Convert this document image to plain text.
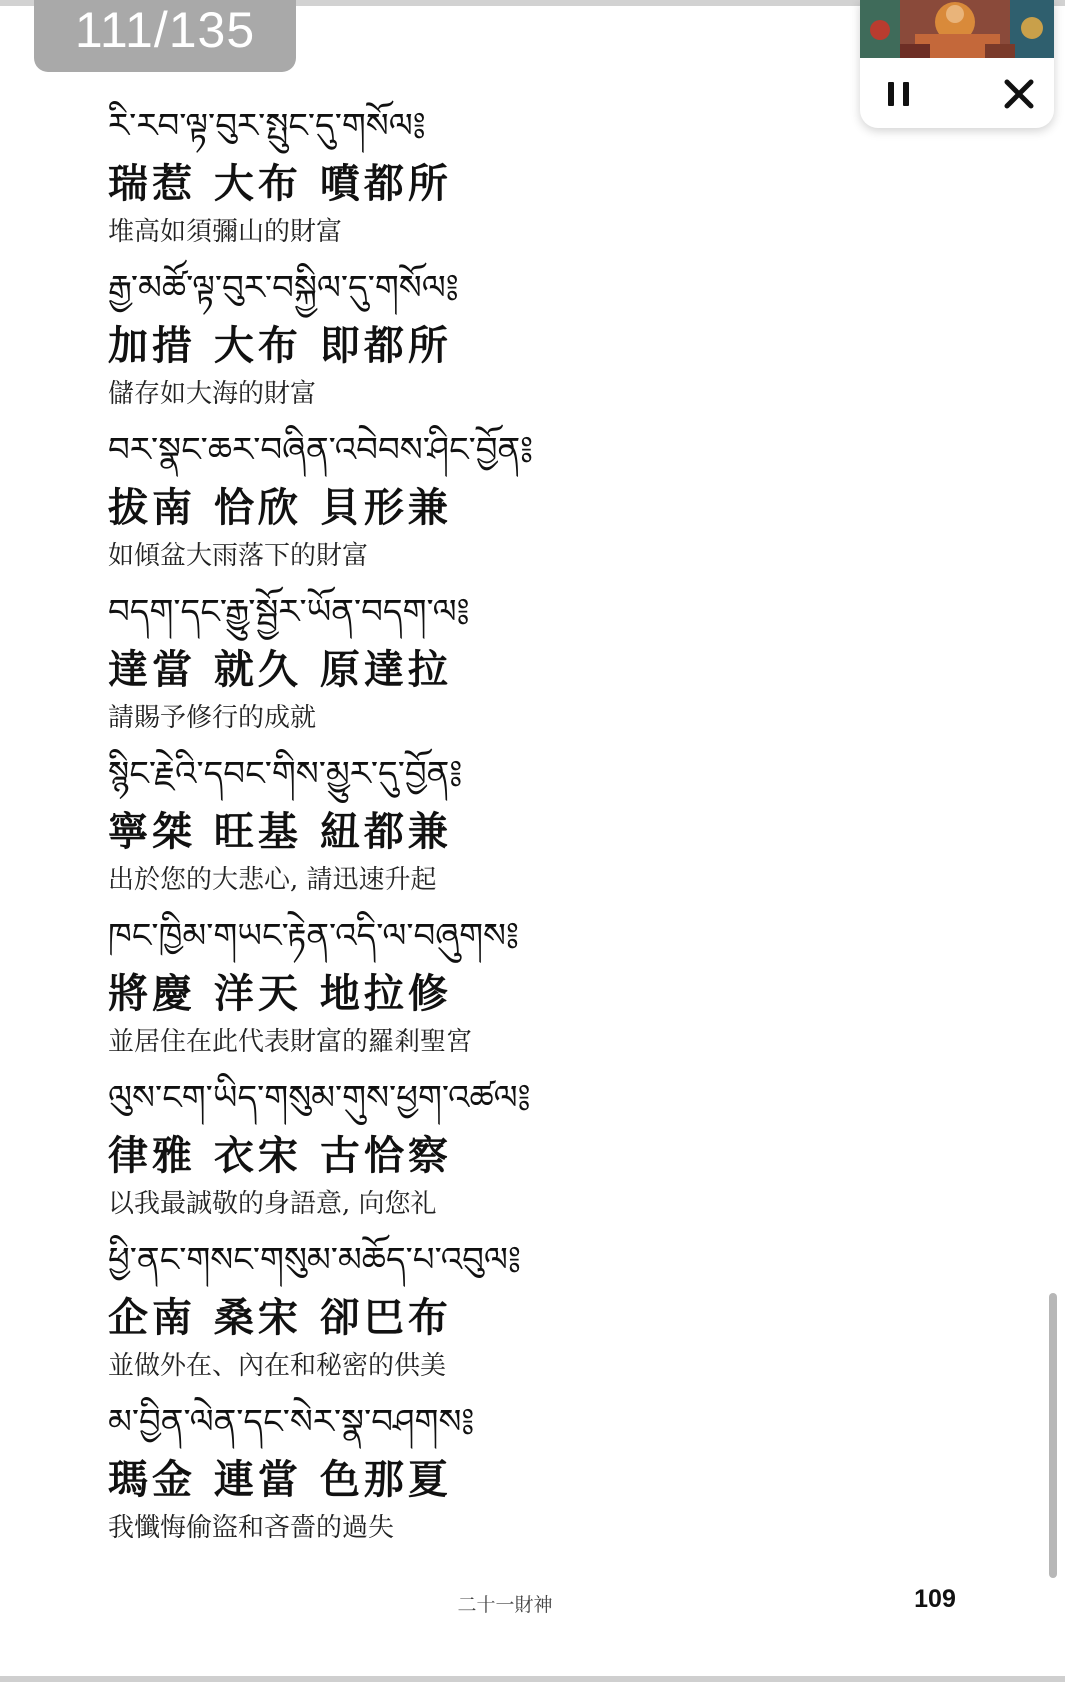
111/135
ཪི་རབ་ལྟ་བུར་སྤུང་དུ་གསོལ༔
瑞惹 大布 噴都所
堆高如須彌山的財富
རྒྱ་མཚོ་ལྟ་བུར་བསྐྱིལ་དུ་གསོལ༔
加措 大布 即都所
儲存如大海的財富
བར་སྣང་ཆར་བཞིན་འབེབས་ཤིང་བྱོན༔
拔南 恰欣 貝形兼
如傾盆大雨落下的財富
བདག་དང་རྒྱུ་སྦྱོར་ཡོན་བདག་ལ༔
達當 就久 原達拉
請賜予修行的成就
སྙིང་རྗེའི་དབང་གིས་མྱུར་དུ་བྱོན༔
寧桀 旺基 紐都兼
出於您的大悲心, 請迅速升起
ཁང་ཁྱིམ་གཡང་རྟེན་འདི་ལ་བཞུགས༔
將慶 洋天 地拉修
並居住在此代表財富的羅剎聖宮
ལུས་ངག་ཡིད་གསུམ་གུས་ཕྱག་འཚལ༔
律雅 衣宋 古恰察
以我最誠敬的身語意, 向您礼
ཕྱི་ནང་གསང་གསུམ་མཆོད་པ་འབུལ༔
企南 桑宋 卻巴布
並做外在、內在和秘密的供美
མ་བྱིན་ལེན་དང་སེར་སྣ་བཤགས༔
瑪金 連當 色那夏
我懺悔偷盜和吝嗇的過失
二十一財神	109
